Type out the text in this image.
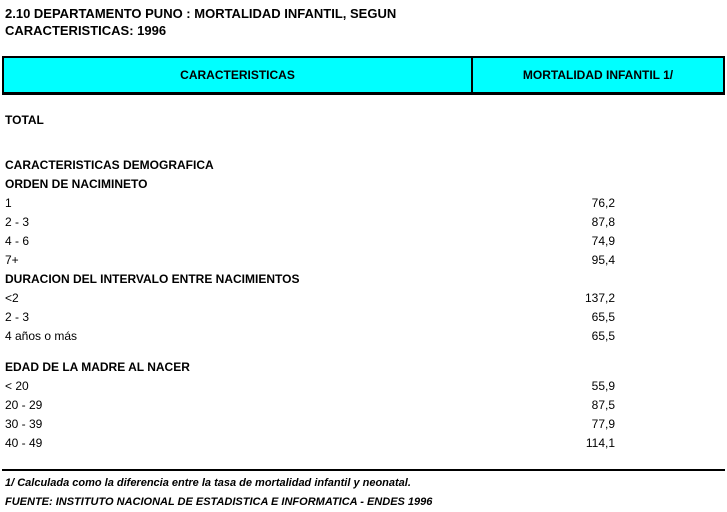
2.10 DEPARTAMENTO PUNO : MORTALIDAD INFANTIL, SEGUN
CARACTERISTICAS: 1996
CARACTERISTICAS	MORTALIDAD INFANTIL 1/
TOTAL
CARACTERISTICAS DEMOGRAFICA
ORDEN DE NACIMINETO
1	76,2
2 - 3	87,8
4 - 6	74,9
7+	95,4
DURACION DEL INTERVALO ENTRE NACIMIENTOS
<2	137,2
2 - 3	65,5
4 años o más	65,5
EDAD DE LA MADRE AL NACER
< 20	55,9
20 - 29	87,5
30 - 39	77,9
40 - 49	114,1
1/ Calculada como la diferencia entre la tasa de mortalidad infantil y neonatal.
FUENTE: INSTITUTO NACIONAL DE ESTADISTICA E INFORMATICA - ENDES 1996
